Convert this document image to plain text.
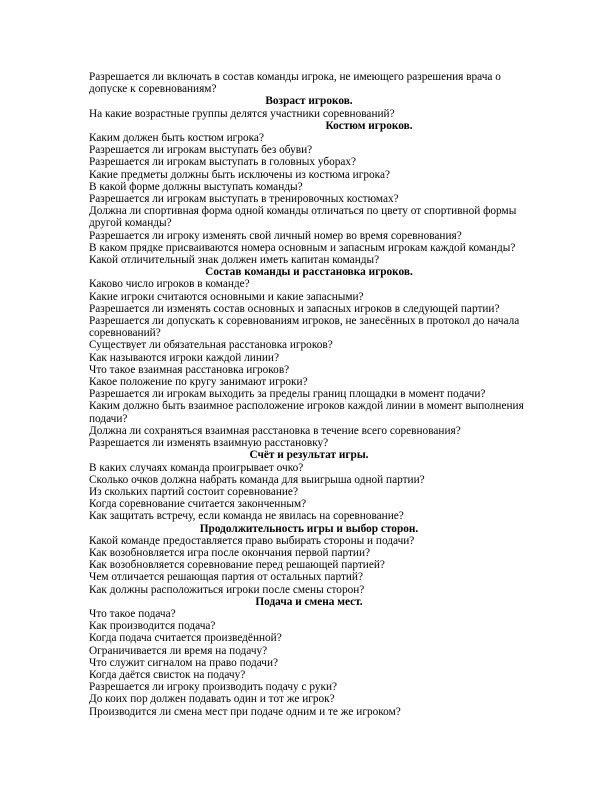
Разрешается ли включать в состав команды игрока, не имеющего разрешения врача о допуске к соревнованиям?
Возраст игроков.
На какие возрастные группы делятся участники соревнований?
Костюм игроков.
Каким должен быть костюм игрока?
Разрешается ли игрокам выступать без обуви?
Разрешается ли игрокам выступать в головных уборах?
Какие предметы должны быть исключены из костюма игрока?
В какой форме должны выступать команды?
Разрешается ли игрокам выступать в тренировочных костюмах?
Должна ли спортивная форма одной команды отличаться по цвету от спортивной формы другой команды?
Разрешается ли игроку изменять свой личный номер во время соревнования?
В каком прядке присваиваются номера основным и запасным игрокам каждой команды?
Какой отличительный знак должен иметь капитан команды?
Состав команды и расстановка игроков.
Каково число игроков в команде?
Какие игроки считаются основными и какие запасными?
Разрешается ли изменять состав основных и запасных игроков в следующей партии?
Разрешается ли допускать к соревнованиям игроков, не занесённых в протокол до начала соревнований?
Существует ли обязательная расстановка игроков?
Как называются игроки каждой линии?
Что такое взаимная расстановка игроков?
Какое положение по кругу занимают игроки?
Разрешается ли игрокам выходить за пределы границ площадки в момент подачи?
Каким должно быть взаимное расположение игроков каждой линии в момент выполнения подачи?
Должна ли сохраняться взаимная расстановка в течение всего соревнования?
Разрешается ли изменять взаимную расстановку?
Счёт и результат игры.
В каких случаях команда проигрывает очко?
Сколько очков должна набрать команда для выигрыша одной партии?
Из скольких партий состоит соревнование?
Когда соревнование считается законченным?
Как защитать встречу, если команда не явилась на соревнование?
Продолжительность игры и выбор сторон.
Какой команде предоставляется право выбирать стороны и подачи?
Как возобновляется игра после окончания первой партии?
Как возобновляется соревнование перед решающей партией?
Чем отличается решающая партия от остальных партий?
Как должны расположиться игроки после смены сторон?
Подача и смена мест.
Что такое подача?
Как производится подача?
Когда подача считается произведённой?
Ограничивается ли время на подачу?
Что служит сигналом на право подачи?
Когда даётся свисток на подачу?
Разрешается ли игроку производить подачу с руки?
До коих пор должен подавать один и тот же игрок?
Производится ли смена мест при подаче одним и те же игроком?
